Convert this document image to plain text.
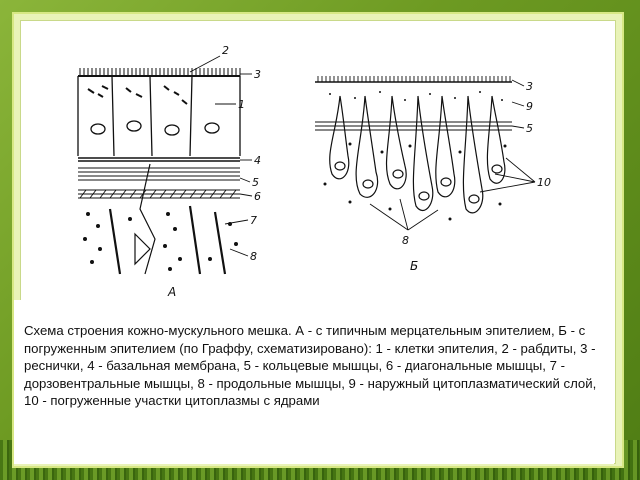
2
3
1
4
5
6
7
8
А
3
9
5
10
8
Б

Схема строения кожно-мускульного мешка. А - с типичным мерцательным эпителием, Б - с погруженным эпителием (по Граффу, схематизировано): 1 - клетки эпителия, 2 - рабдиты, 3 - реснички, 4 - базальная мембрана, 5 - кольцевые мышцы, 6 - диагональные мышцы, 7 - дорзовентральные мышцы, 8 - продольные мышцы, 9 - наружный цитоплазматический слой, 10 - погруженные участки цитоплазмы с ядрами
